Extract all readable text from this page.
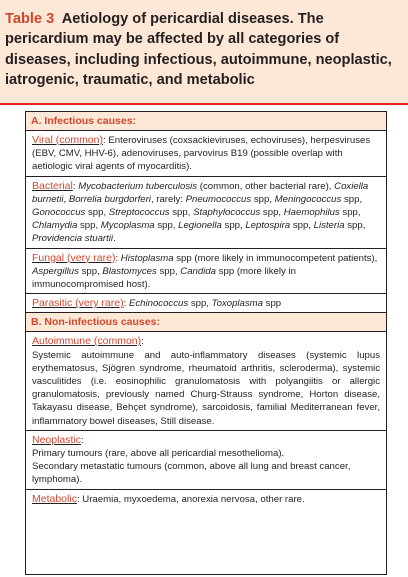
Table 3 Aetiology of pericardial diseases. The pericardium may be affected by all categories of diseases, including infectious, autoimmune, neoplastic, iatrogenic, traumatic, and metabolic
A. Infectious causes:
Viral (common): Enteroviruses (coxsackieviruses, echoviruses), herpesviruses (EBV, CMV, HHV-6), adenoviruses, parvovirus B19 (possible overlap with aetiologic viral agents of myocarditis).
Bacterial: Mycobacterium tuberculosis (common, other bacterial rare), Coxiella burnetii, Borrelia burgdorferi, rarely: Pneumococcus spp, Meningococcus spp, Gonococcus spp, Streptococcus spp, Staphylococcus spp, Haemophilus spp, Chlamydia spp, Mycoplasma spp, Legionella spp, Leptospira spp, Listeria spp, Providencia stuartii.
Fungal (very rare): Histoplasma spp (more likely in immunocompetent patients), Aspergillus spp, Blastomyces spp, Candida spp (more likely in immunocompromised host).
Parasitic (very rare): Echinococcus spp, Toxoplasma spp
B. Non-infectious causes:
Autoimmune (common):
Systemic autoimmune and auto-inflammatory diseases (systemic lupus erythematosus, Sjögren syndrome, rheumatoid arthritis, scleroderma), systemic vasculitides (i.e. eosinophilic granulomatosis with polyangiitis or allergic granulomatosis, previously named Churg-Strauss syndrome, Horton disease, Takayasu disease, Behçet syndrome), sarcoidosis, familial Mediterranean fever, inflammatory bowel diseases, Still disease.
Neoplastic:
Primary tumours (rare, above all pericardial mesothelioma).
Secondary metastatic tumours (common, above all lung and breast cancer, lymphoma).
Metabolic: Uraemia, myxoedema, anorexia nervosa, other rare.
